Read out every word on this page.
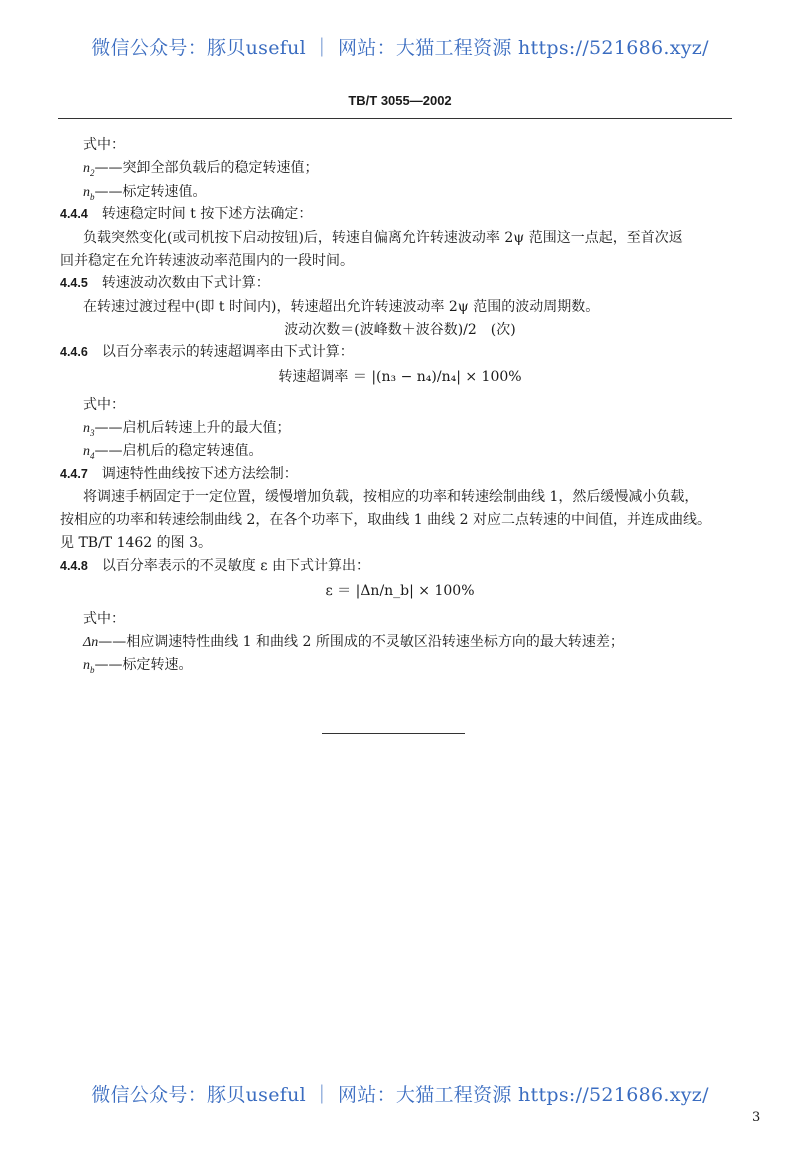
微信公众号：豚贝useful ｜ 网站：大猫工程资源 https://521686.xyz/
TB/T 3055—2002
式中：
$n_2——$突卸全部负载后的稳定转速值；
$n_b——$标定转速值。
4.4.4 转速稳定时间 t 按下述方法确定：
负载突然变化(或司机按下启动按钮)后，转速自偏离允许转速波动率 2ψ 范围这一点起，至首次返
回并稳定在允许转速波动率范围内的一段时间。
4.4.5 转速波动次数由下式计算：
在转速过渡过程中(即 t 时间内)，转速超出允许转速波动率 2ψ 范围的波动周期数。
波动次数＝(波峰数＋波谷数)/2　(次)
4.4.6 以百分率表示的转速超调率由下式计算：
转速超调率 ＝ |(n₃ − n₄)/n₄| × 100%
式中：
$n_3——$启机后转速上升的最大值；
$n_4——$启机后的稳定转速值。
4.4.7 调速特性曲线按下述方法绘制：
将调速手柄固定于一定位置，缓慢增加负载，按相应的功率和转速绘制曲线 1，然后缓慢减小负载，
按相应的功率和转速绘制曲线 2，在各个功率下，取曲线 1 曲线 2 对应二点转速的中间值，并连成曲线。
见 TB/T 1462 的图 3。
4.4.8 以百分率表示的不灵敏度 ε 由下式计算出：
ε ＝ |Δn/n_b| × 100%
式中：
Δn——相应调速特性曲线 1 和曲线 2 所围成的不灵敏区沿转速坐标方向的最大转速差；
$n_b——$标定转速。
微信公众号：豚贝useful ｜ 网站：大猫工程资源 https://521686.xyz/
3
